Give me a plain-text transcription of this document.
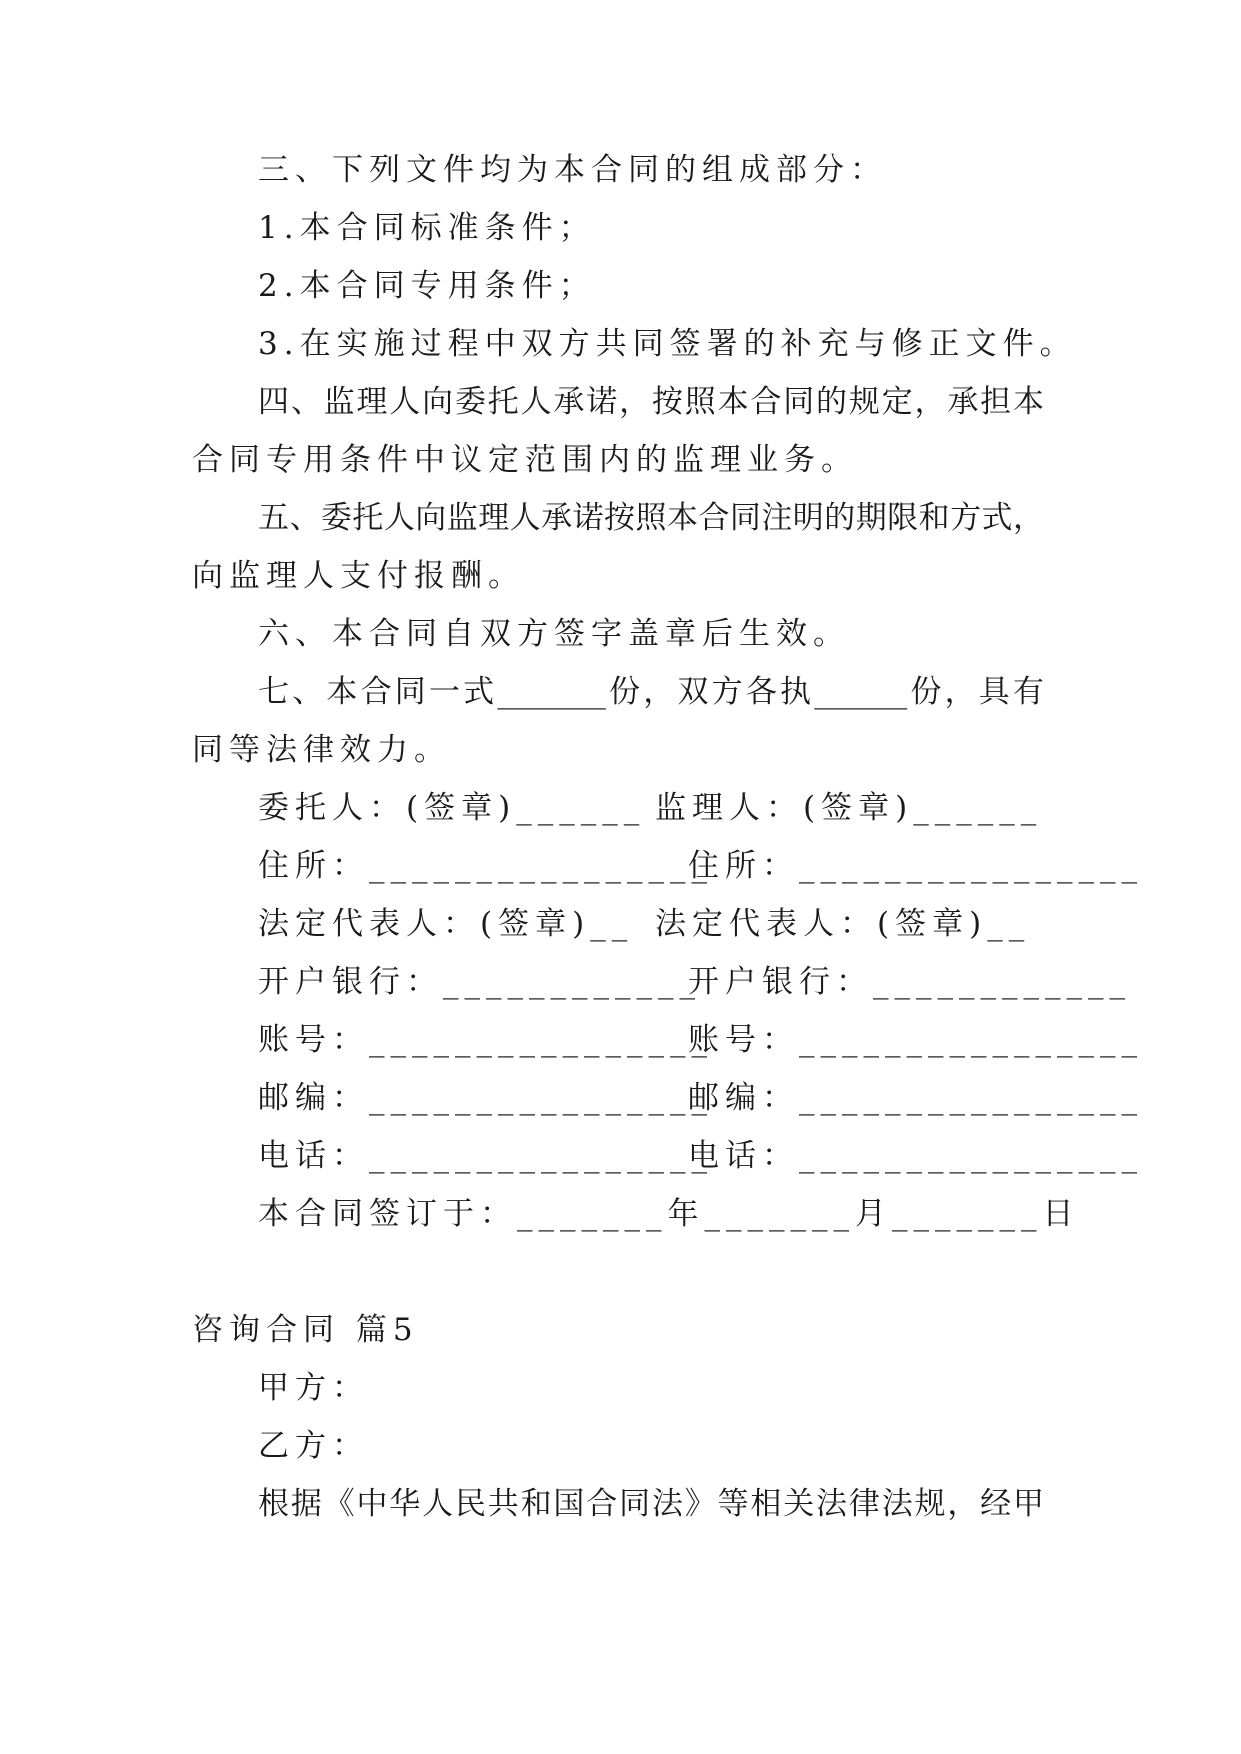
三、下列文件均为本合同的组成部分：
1.本合同标准条件；
2.本合同专用条件；
3.在实施过程中双方共同签署的补充与修正文件。
四、监理人向委托人承诺，按照本合同的规定，承担本
合同专用条件中议定范围内的监理业务。
五、委托人向监理人承诺按照本合同注明的期限和方式，
向监理人支付报酬。
六、本合同自双方签字盖章后生效。
七、本合同一式_______份，双方各执______份，具有
同等法律效力。
委托人：(签章)______ 监理人：(签章)______
住所：________________
住所：________________
法定代表人：(签章)__ 法定代表人：(签章)__
开户银行：____________
开户银行：____________
账号：________________
账号：________________
邮编：________________
邮编：________________
电话：________________
电话：________________
本合同签订于：_______年_______月_______日
咨询合同 篇5
甲方：
乙方：
根据《中华人民共和国合同法》等相关法律法规，经甲
